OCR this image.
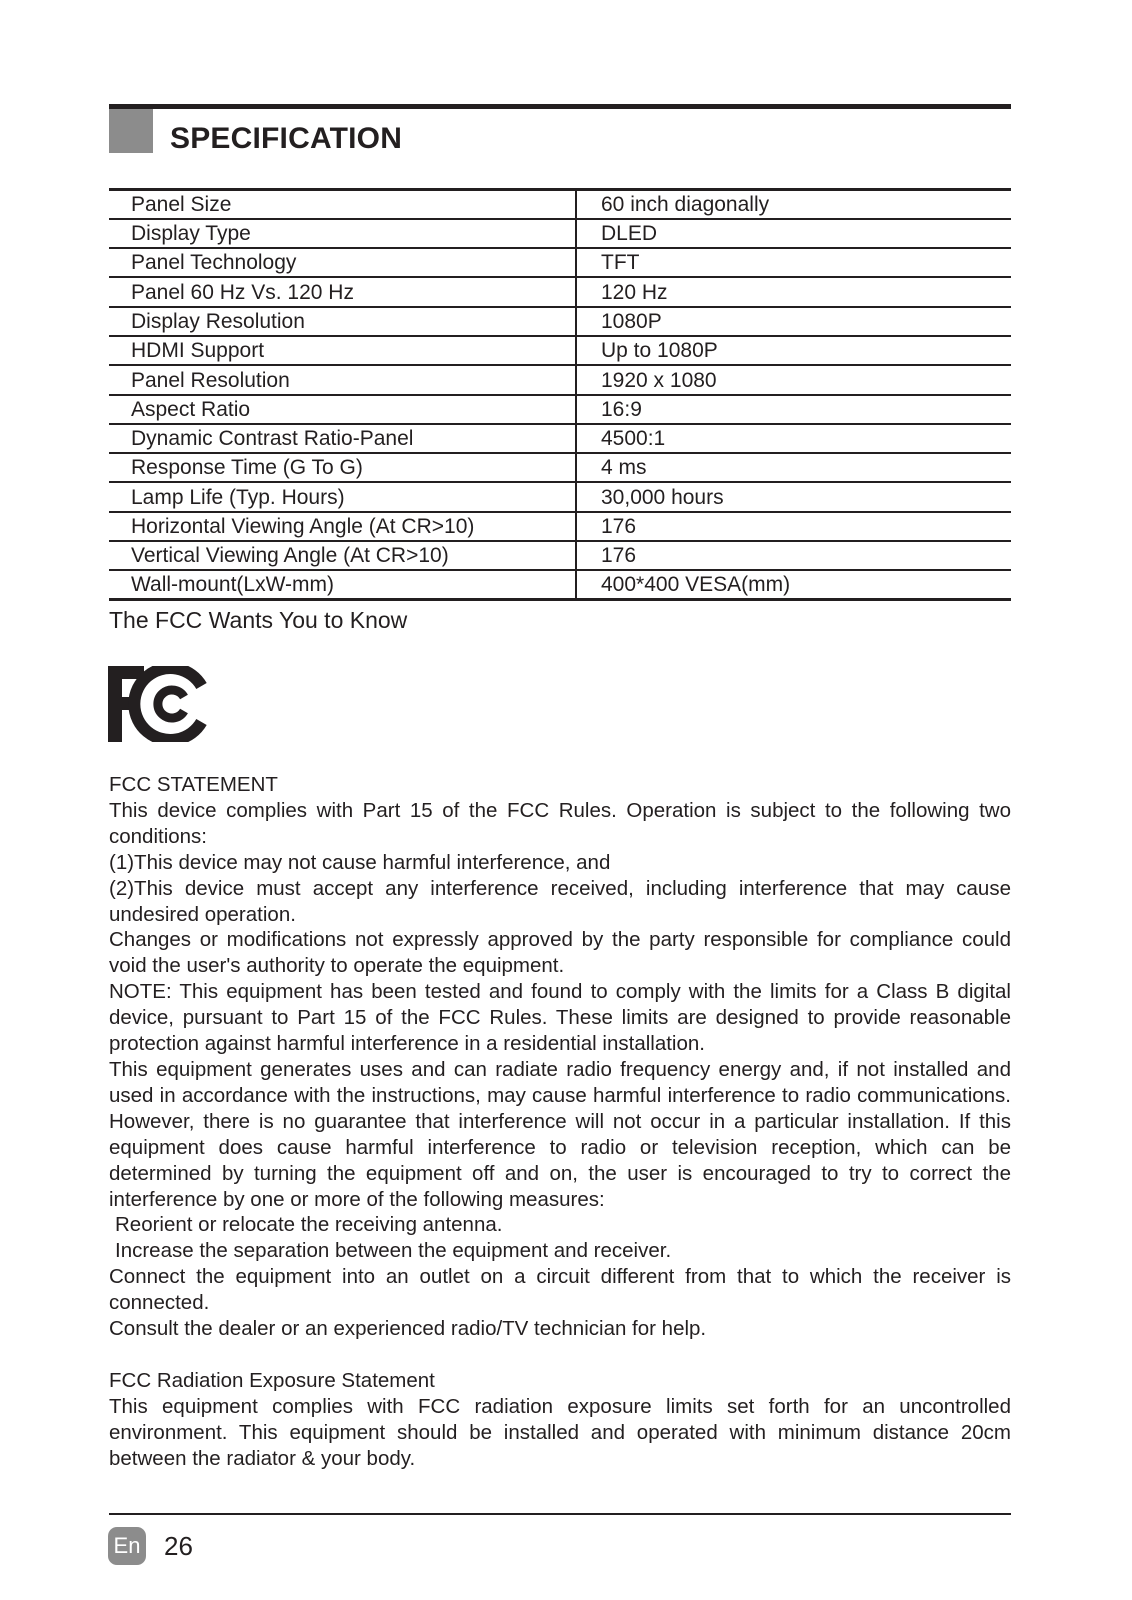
SPECIFICATION
Panel Size	60 inch diagonally
Display Type	DLED
Panel Technology	TFT
Panel 60 Hz Vs. 120 Hz	120 Hz
Display Resolution	1080P
HDMI Support	Up to 1080P
Panel Resolution	1920 x 1080
Aspect Ratio	16:9
Dynamic Contrast Ratio-Panel	4500:1
Response Time (G To G)	4 ms
Lamp Life (Typ. Hours)	30,000 hours
Horizontal Viewing Angle (At CR>10)	176
Vertical Viewing Angle (At CR>10)	176
Wall-mount(LxW-mm)	400*400 VESA(mm)
The FCC Wants You to Know

FCC STATEMENT

This device complies with Part 15 of the FCC Rules. Operation is subject to the following two conditions:

(1)This device may not cause harmful interference, and

(2)This device must accept any interference received, including interference that may cause undesired operation.

Changes or modifications not expressly approved by the party responsible for compliance could void the user's authority to operate the equipment.

NOTE: This equipment has been tested and found to comply with the limits for a Class B digital device, pursuant to Part 15 of the FCC Rules. These limits are designed to provide reasonable protection against harmful interference in a residential installation.

This equipment generates uses and can radiate radio frequency energy and, if not installed and used in accordance with the instructions, may cause harmful interference to radio communications. However, there is no guarantee that interference will not occur in a particular installation. If this equipment does cause harmful interference to radio or television reception, which can be determined by turning the equipment off and on, the user is encouraged to try to correct the interference by one or more of the following measures:

Reorient or relocate the receiving antenna.

Increase the separation between the equipment and receiver.

Connect the equipment into an outlet on a circuit different from that to which the receiver is connected.

Consult the dealer or an experienced radio/TV technician for help.

FCC Radiation Exposure Statement

This equipment complies with FCC radiation exposure limits set forth for an uncontrolled environment. This equipment should be installed and operated with minimum distance 20cm between the radiator & your body.

En 26
